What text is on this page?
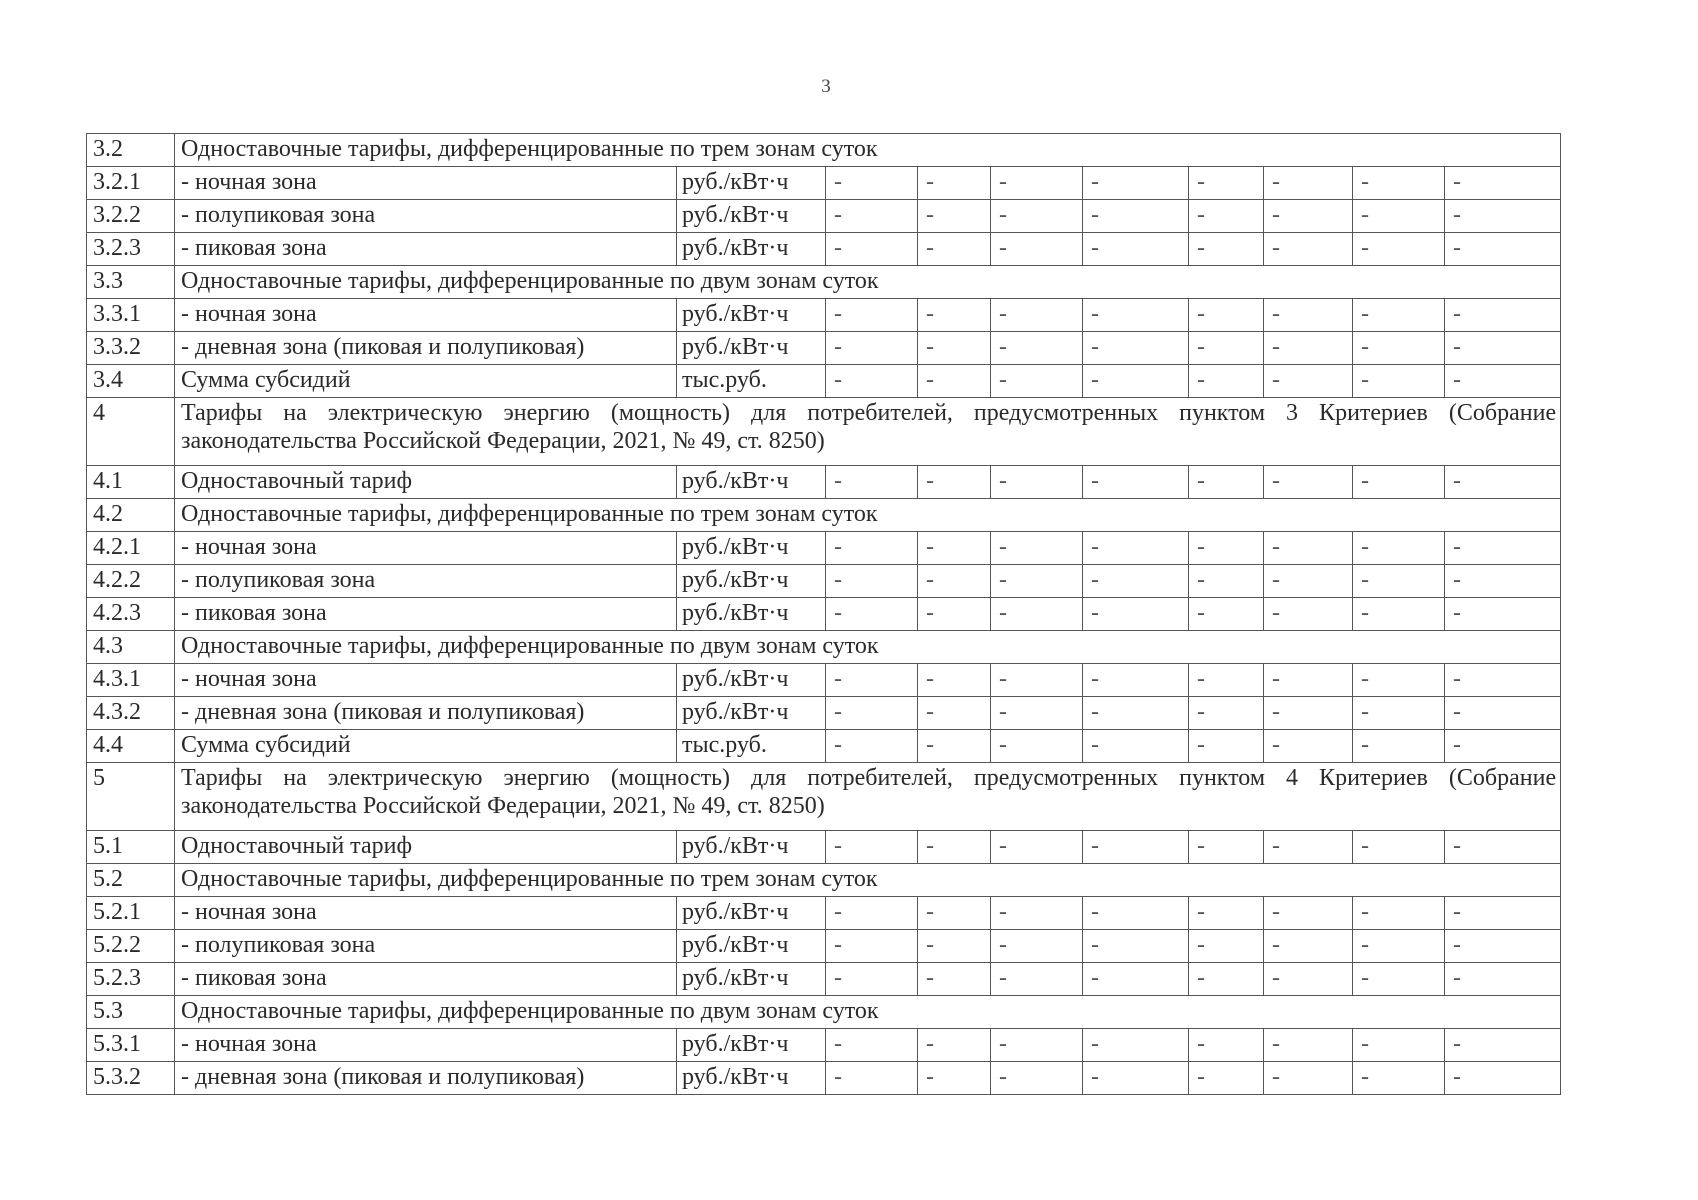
3
3.2	Одноставочные тарифы, дифференцированные по трем зонам суток									
3.2.1	- ночная зона	руб./кВт·ч	-	-	-	-	-	-	-	-
3.2.2	- полупиковая зона	руб./кВт·ч	-	-	-	-	-	-	-	-
3.2.3	- пиковая зона	руб./кВт·ч	-	-	-	-	-	-	-	-
3.3	Одноставочные тарифы, дифференцированные по двум зонам суток									
3.3.1	- ночная зона	руб./кВт·ч	-	-	-	-	-	-	-	-
3.3.2	- дневная зона (пиковая и полупиковая)	руб./кВт·ч	-	-	-	-	-	-	-	-
3.4	Сумма субсидий	тыс.руб.	-	-	-	-	-	-	-	-
4	Тарифы на электрическую энергию (мощность) для потребителей, предусмотренных пунктом 3 Критериев (Собрание законодательства Российской Федерации, 2021, № 49, ст. 8250)									
4.1	Одноставочный тариф	руб./кВт·ч	-	-	-	-	-	-	-	-
4.2	Одноставочные тарифы, дифференцированные по трем зонам суток									
4.2.1	- ночная зона	руб./кВт·ч	-	-	-	-	-	-	-	-
4.2.2	- полупиковая зона	руб./кВт·ч	-	-	-	-	-	-	-	-
4.2.3	- пиковая зона	руб./кВт·ч	-	-	-	-	-	-	-	-
4.3	Одноставочные тарифы, дифференцированные по двум зонам суток									
4.3.1	- ночная зона	руб./кВт·ч	-	-	-	-	-	-	-	-
4.3.2	- дневная зона (пиковая и полупиковая)	руб./кВт·ч	-	-	-	-	-	-	-	-
4.4	Сумма субсидий	тыс.руб.	-	-	-	-	-	-	-	-
5	Тарифы на электрическую энергию (мощность) для потребителей, предусмотренных пунктом 4 Критериев (Собрание законодательства Российской Федерации, 2021, № 49, ст. 8250)									
5.1	Одноставочный тариф	руб./кВт·ч	-	-	-	-	-	-	-	-
5.2	Одноставочные тарифы, дифференцированные по трем зонам суток									
5.2.1	- ночная зона	руб./кВт·ч	-	-	-	-	-	-	-	-
5.2.2	- полупиковая зона	руб./кВт·ч	-	-	-	-	-	-	-	-
5.2.3	- пиковая зона	руб./кВт·ч	-	-	-	-	-	-	-	-
5.3	Одноставочные тарифы, дифференцированные по двум зонам суток									
5.3.1	- ночная зона	руб./кВт·ч	-	-	-	-	-	-	-	-
5.3.2	- дневная зона (пиковая и полупиковая)	руб./кВт·ч	-	-	-	-	-	-	-	-
